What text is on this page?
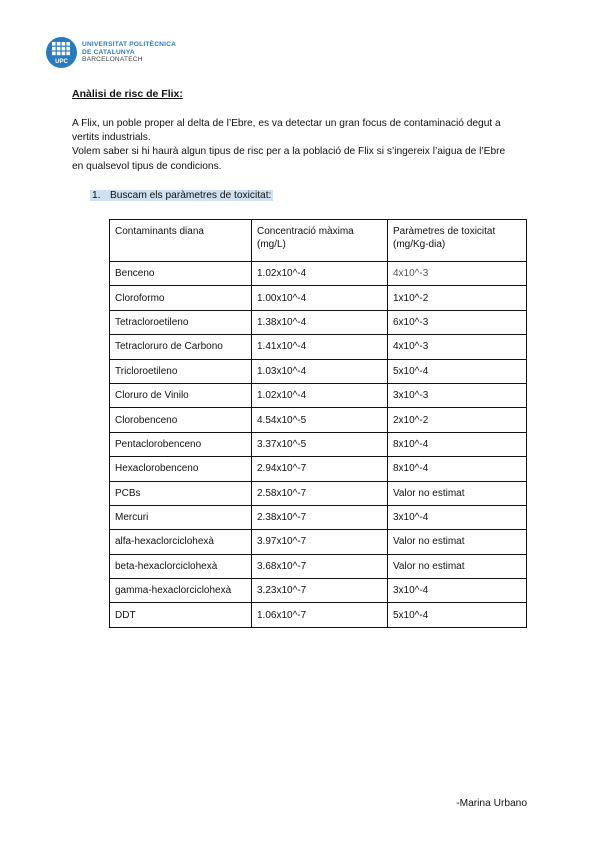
UPC
UNIVERSITAT POLITÈCNICA
DE CATALUNYA
BARCELONATECH
Anàlisi de risc de Flix:

A Flix, un poble proper al delta de l’Ebre, es va detectar un gran focus de contaminació degut a vertits industrials.

Volem saber si hi haurà algun tipus de risc per a la població de Flix si s’ingereix l’aigua de l’Ebre en qualsevol tipus de condicions.

1. Buscam els paràmetres de toxicitat:
Contaminants diana	Concentració màxima (mg/L)	Paràmetres de toxicitat (mg/Kg-dia)
Benceno	1.02x10^-4	4x10^-3
Cloroformo	1.00x10^-4	1x10^-2
Tetracloroetileno	1.38x10^-4	6x10^-3
Tetracloruro de Carbono	1.41x10^-4	4x10^-3
Tricloroetileno	1.03x10^-4	5x10^-4
Cloruro de Vinilo	1.02x10^-4	3x10^-3
Clorobenceno	4.54x10^-5	2x10^-2
Pentaclorobenceno	3.37x10^-5	8x10^-4
Hexaclorobenceno	2.94x10^-7	8x10^-4
PCBs	2.58x10^-7	Valor no estimat
Mercuri	2.38x10^-7	3x10^-4
alfa-hexaclorciclohexà	3.97x10^-7	Valor no estimat
beta-hexaclorciclohexà	3.68x10^-7	Valor no estimat
gamma-hexaclorciclohexà	3.23x10^-7	3x10^-4
DDT	1.06x10^-7	5x10^-4
-Marina Urbano
